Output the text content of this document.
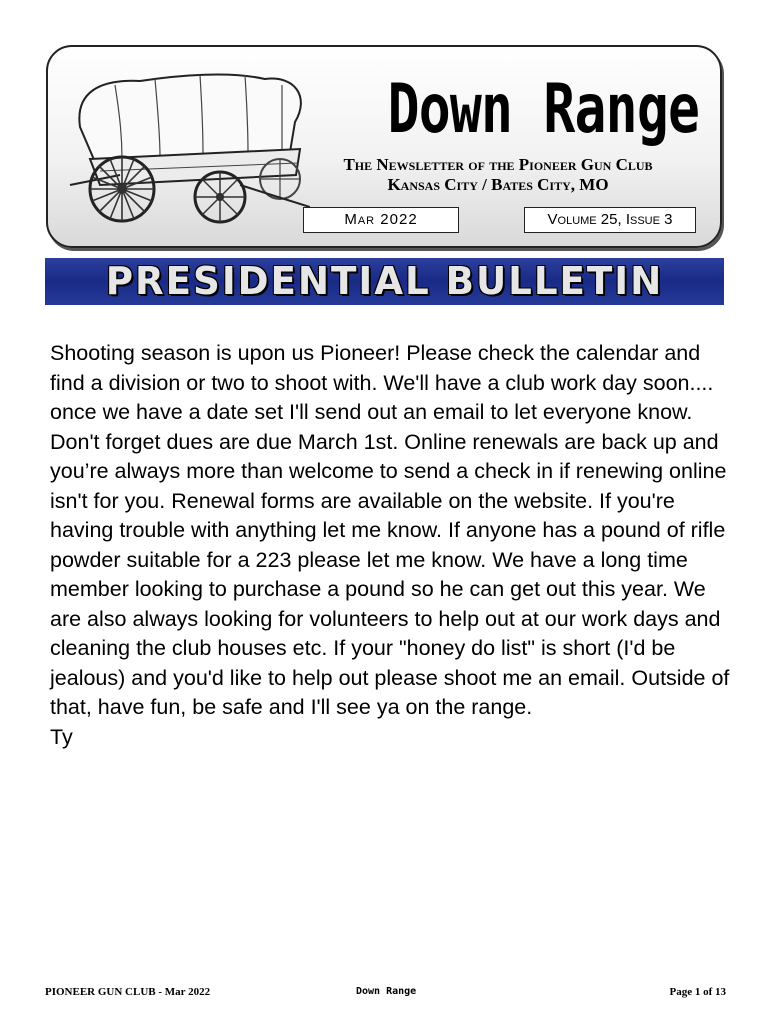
Down Range
The Newsletter of the Pioneer Gun Club
Kansas City / Bates City, MO
Mar 2022	Volume 25, Issue 3
PRESIDENTIAL BULLETIN

Shooting season is upon us Pioneer! Please check the calendar and find a division or two to shoot with. We'll have a club work day soon.... once we have a date set I'll send out an email to let everyone know. Don't forget dues are due March 1st. Online renewals are back up and you’re always more than welcome to send a check in if renewing online isn't for you. Renewal forms are available on the website. If you're having trouble with anything let me know. If anyone has a pound of rifle powder suitable for a 223 please let me know. We have a long time member looking to purchase a pound so he can get out this year. We are also always looking for volunteers to help out at our work days and cleaning the club houses etc. If your "honey do list" is short (I'd be jealous) and you'd like to help out please shoot me an email. Outside of that, have fun, be safe and I'll see ya on the range.

Ty

PIONEER GUN CLUB - Mar 2022	Down Range	Page 1 of 13
